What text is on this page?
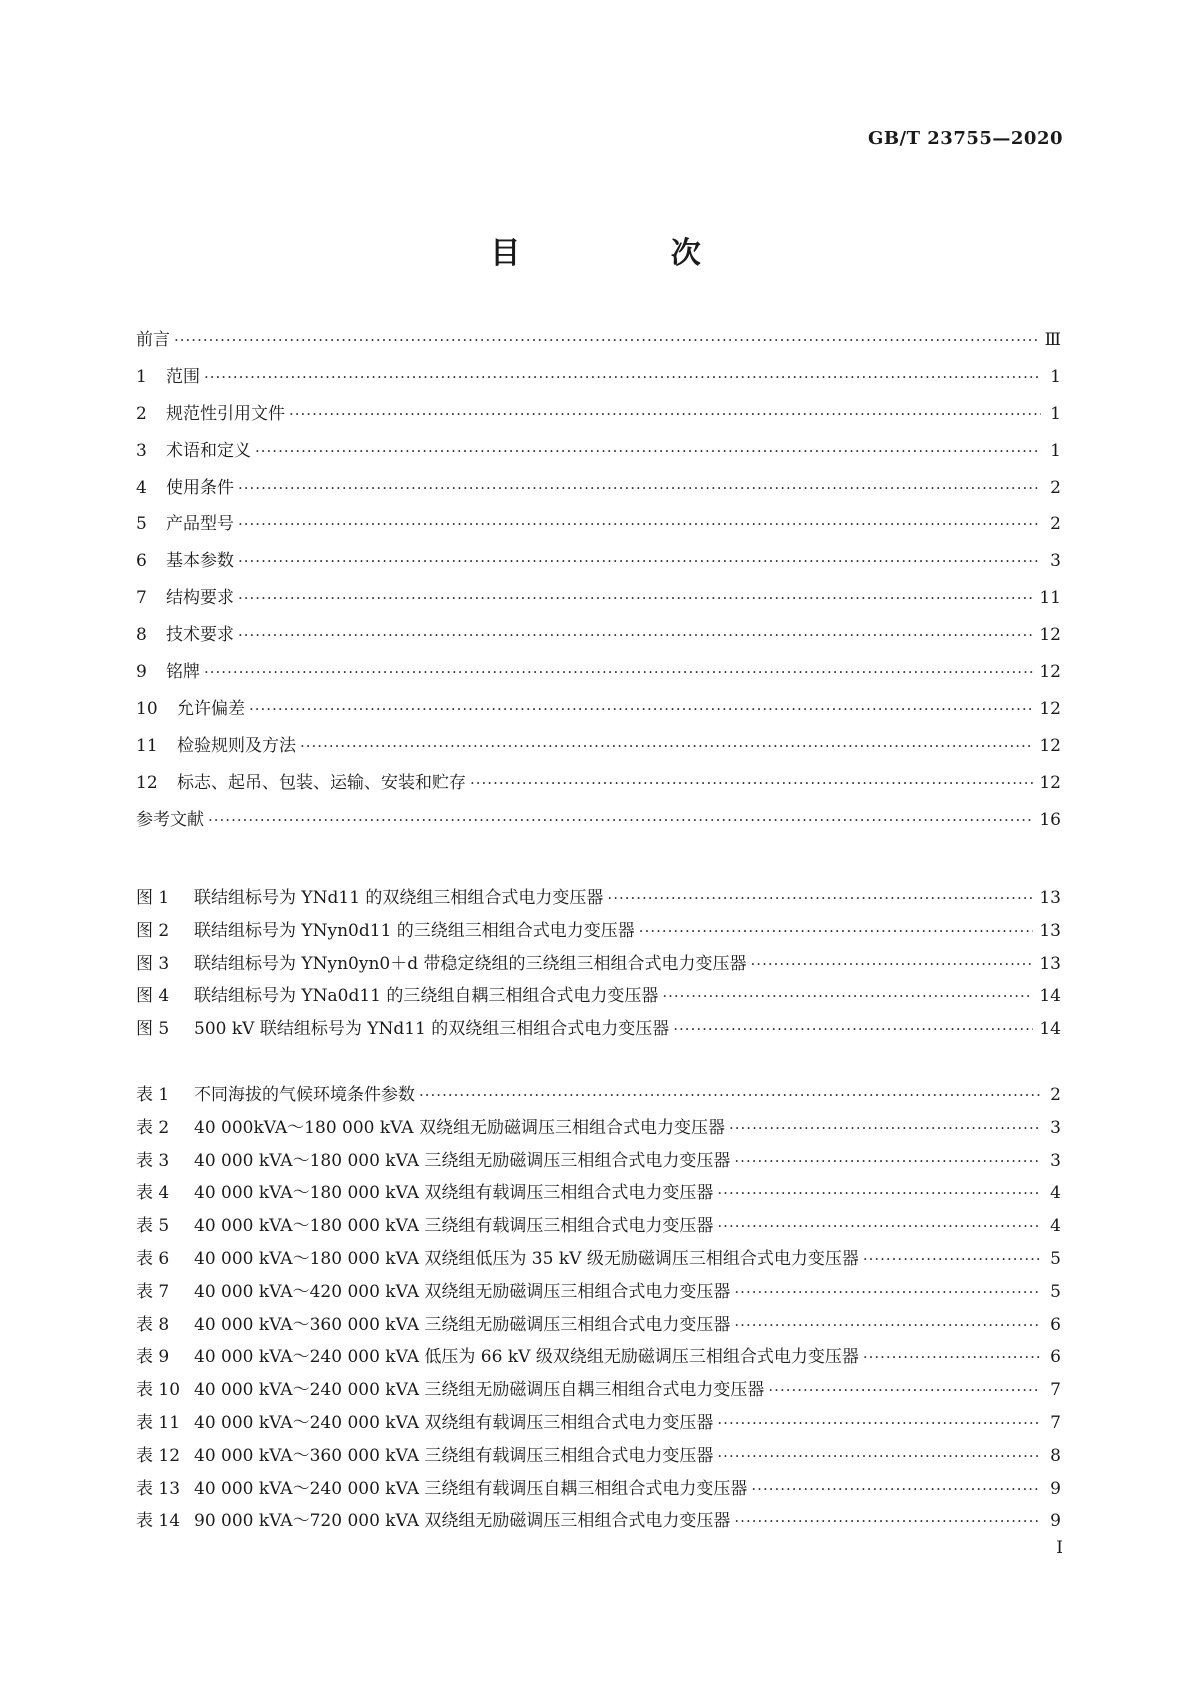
GB/T 23755—2020
目 次
前言 ·····	Ⅲ
1	范围 ·····	1
2	规范性引用文件 ·····	1
3	术语和定义 ·····	1
4	使用条件 ·····	2
5	产品型号 ·····	2
6	基本参数 ·····	3
7	结构要求 ·····	11
8	技术要求 ·····	12
9	铭牌 ·····	12
10	允许偏差 ·····	12
11	检验规则及方法 ·····	12
12	标志、起吊、包装、运输、安装和贮存 ·····	12
参考文献 ·····	16
图 1	联结组标号为 YNd11 的双绕组三相组合式电力变压器 ·····	13
图 2	联结组标号为 YNyn0d11 的三绕组三相组合式电力变压器 ·····	13
图 3	联结组标号为 YNyn0yn0＋d 带稳定绕组的三绕组三相组合式电力变压器 ·····	13
图 4	联结组标号为 YNa0d11 的三绕组自耦三相组合式电力变压器 ·····	14
图 5	500 kV 联结组标号为 YNd11 的双绕组三相组合式电力变压器 ·····	14
表 1	不同海拔的气候环境条件参数 ·····	2
表 2	40 000kVA～180 000 kVA 双绕组无励磁调压三相组合式电力变压器 ·····	3
表 3	40 000 kVA～180 000 kVA 三绕组无励磁调压三相组合式电力变压器 ·····	3
表 4	40 000 kVA～180 000 kVA 双绕组有载调压三相组合式电力变压器 ·····	4
表 5	40 000 kVA～180 000 kVA 三绕组有载调压三相组合式电力变压器 ·····	4
表 6	40 000 kVA～180 000 kVA 双绕组低压为 35 kV 级无励磁调压三相组合式电力变压器 ·····	5
表 7	40 000 kVA～420 000 kVA 双绕组无励磁调压三相组合式电力变压器 ·····	5
表 8	40 000 kVA～360 000 kVA 三绕组无励磁调压三相组合式电力变压器 ·····	6
表 9	40 000 kVA～240 000 kVA 低压为 66 kV 级双绕组无励磁调压三相组合式电力变压器 ·····	6
表 10 40 000 kVA～240 000 kVA 三绕组无励磁调压自耦三相组合式电力变压器 ·····	7
表 11 40 000 kVA～240 000 kVA 双绕组有载调压三相组合式电力变压器 ·····	7
表 12 40 000 kVA～360 000 kVA 三绕组有载调压三相组合式电力变压器 ·····	8
表 13 40 000 kVA～240 000 kVA 三绕组有载调压自耦三相组合式电力变压器 ·····	9
表 14 90 000 kVA～720 000 kVA 双绕组无励磁调压三相组合式电力变压器 ·····	9
I
